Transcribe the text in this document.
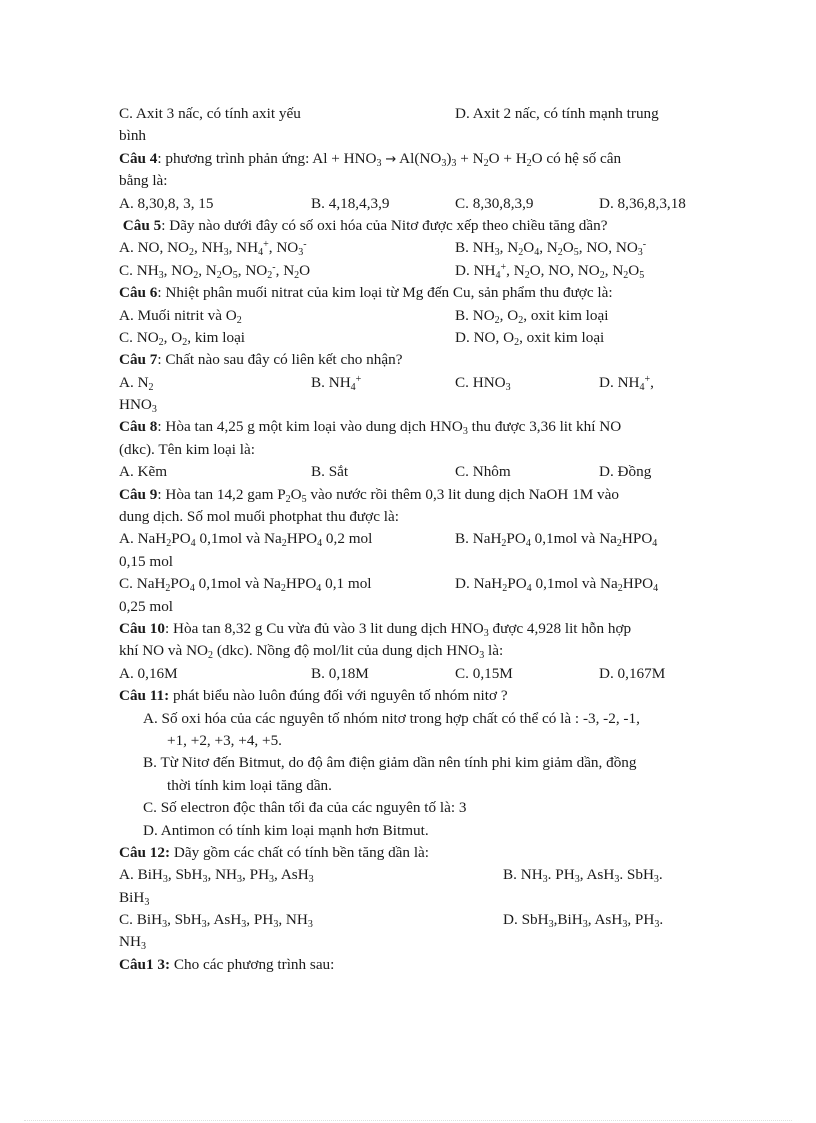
C. Axit 3 nấc, có tính axit yếu	D. Axit 2 nấc, có tính mạnh trung
bình
Câu 4: phương trình phản ứng: $Al + HNO_3 \to Al(NO_3)_3 + N_2O + H_2O$ có hệ số cân
bằng là:
A. 8,30,8, 3, 15	B. 4,18,4,3,9	C. 8,30,8,3,9	D. 8,36,8,3,18
Câu 5: Dãy nào dưới đây có số oxi hóa của Nitơ được xếp theo chiều tăng dần?
A. NO, $NO_2$, $NH_3$, $NH_4^+$, $NO_3^-$	B. $NH_3$, $N_2O_4$, $N_2O_5$, NO, $NO_3^-$
C. $NH_3$, $NO_2$, $N_2O_5$, $NO_2^-$, $N_2O$	D. $NH_4^+$, $N_2O$, NO, $NO_2$, $N_2O_5$
Câu 6: Nhiệt phân muối nitrat của kim loại từ Mg đến Cu, sản phẩm thu được là:
A. Muối nitrit và $O_2$	B. $NO_2$, $O_2$, oxit kim loại
C. $NO_2$, $O_2$, kim loại	D. NO, $O_2$, oxit kim loại
Câu 7: Chất nào sau đây có liên kết cho nhận?
A. $N_2$	B. $NH_4^+$	C. $HNO_3$	D. $NH_4^+$,
$HNO_3$
Câu 8: Hòa tan 4,25 g một kim loại vào dung dịch $HNO_3$ thu được 3,36 lit khí NO
(dkc). Tên kim loại là:
A. Kẽm	B. Sắt	C. Nhôm	D. Đồng
Câu 9: Hòa tan 14,2 gam $P_2O_5$ vào nước rồi thêm 0,3 lit dung dịch NaOH 1M vào
dung dịch. Số mol muối photphat thu được là:
A. $NaH_2PO_4$ 0,1mol và $Na_2HPO_4$ 0,2 mol	B. $NaH_2PO_4$ 0,1mol và $Na_2HPO_4$
0,15 mol
C. $NaH_2PO_4$ 0,1mol và $Na_2HPO_4$ 0,1 mol	D. $NaH_2PO_4$ 0,1mol và $Na_2HPO_4$
0,25 mol
Câu 10: Hòa tan 8,32 g Cu vừa đủ vào 3 lit dung dịch $HNO_3$ được 4,928 lit hỗn hợp
khí NO và $NO_2$ (dkc). Nồng độ mol/lit của dung dịch $HNO_3$ là:
A. 0,16M	B. 0,18M	C. 0,15M	D. 0,167M
Câu 11: phát biểu nào luôn đúng đối với nguyên tố nhóm nitơ ?
A. Số oxi hóa của các nguyên tố nhóm nitơ trong hợp chất có thể có là : -3, -2, -1,
+1, +2, +3, +4, +5.
B. Từ Nitơ đến Bitmut, do độ âm điện giảm dần nên tính phi kim giảm dần, đồng
thời tính kim loại tăng dần.
C. Số electron độc thân tối đa của các nguyên tố là: 3
D. Antimon có tính kim loại mạnh hơn Bitmut.
Câu 12: Dãy gồm các chất có tính bền tăng dần là:
A. BiH$_3$, SbH$_3$, $NH_3$, $PH_3$, AsH$_3$	B. $NH_3$. $PH_3$, AsH$_3$. SbH$_3$.
BiH$_3$
C. BiH$_3$, SbH$_3$, AsH$_3$, $PH_3$, $NH_3$	D. SbH$_3$,BiH$_3$, AsH$_3$, $PH_3$.
$NH_3$
Câu1 3: Cho các phương trình sau:
